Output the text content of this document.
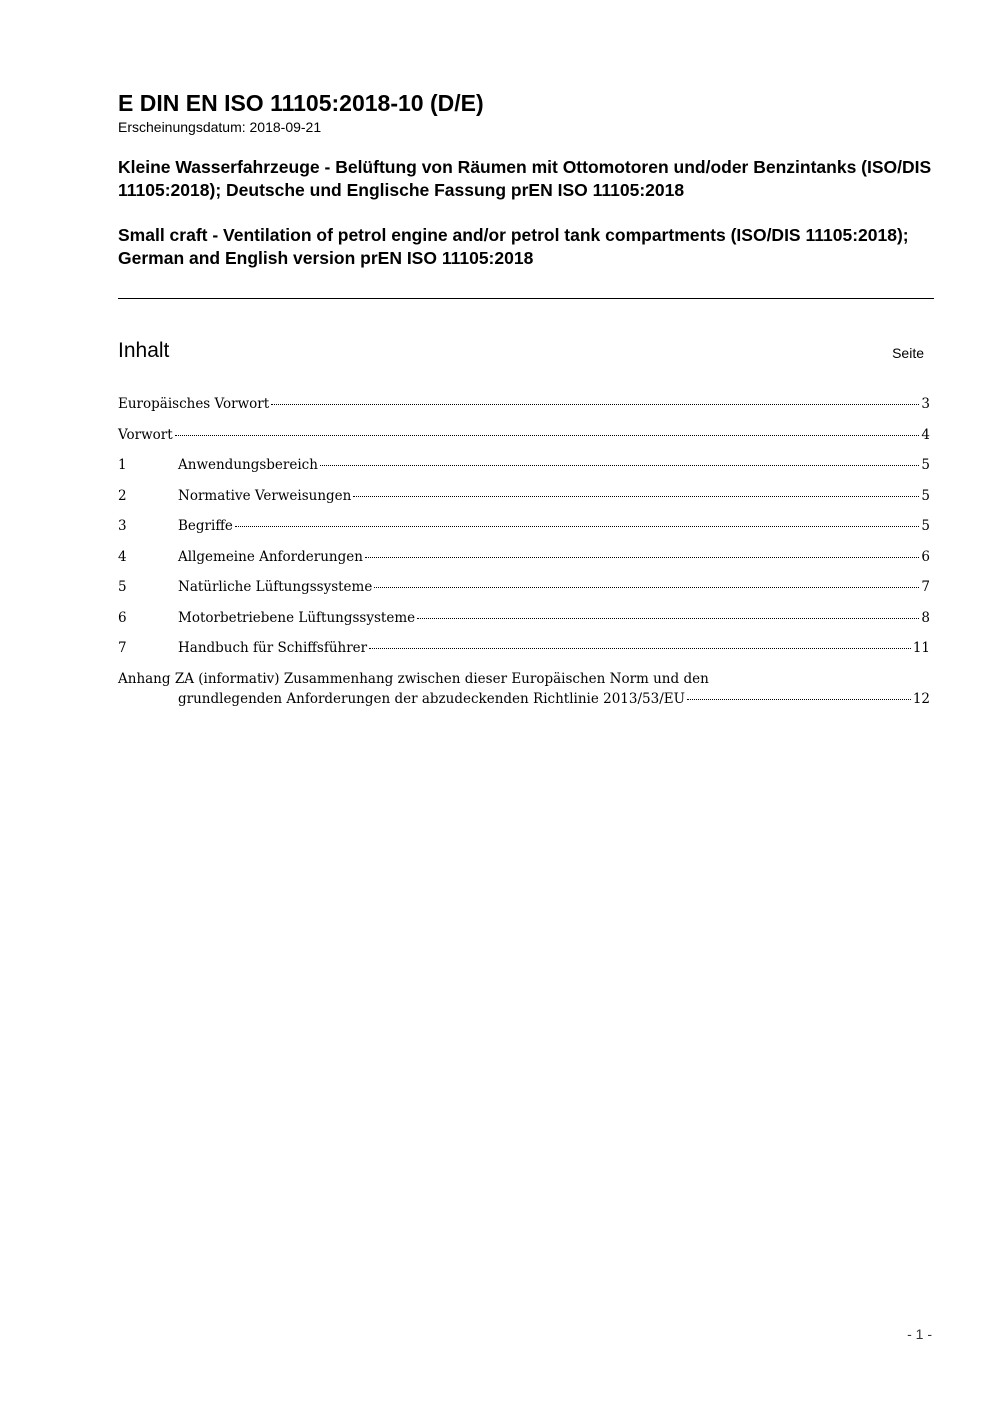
E DIN EN ISO 11105:2018-10 (D/E)

Erscheinungsdatum: 2018-09-21

Kleine Wasserfahrzeuge - Belüftung von Räumen mit Ottomotoren und/oder Benzintanks (ISO/DIS 11105:2018); Deutsche und Englische Fassung prEN ISO 11105:2018

Small craft - Ventilation of petrol engine and/or petrol tank compartments (ISO/DIS 11105:2018); German and English version prEN ISO 11105:2018

Inhalt	Seite
Europäisches Vorwort	3
Vorwort	4
1	Anwendungsbereich	5
2	Normative Verweisungen	5
3	Begriffe	5
4	Allgemeine Anforderungen	6
5	Natürliche Lüftungssysteme	7
6	Motorbetriebene Lüftungssysteme	8
7	Handbuch für Schiffsführer	11
Anhang ZA (informativ) Zusammenhang zwischen dieser Europäischen Norm und den
grundlegenden Anforderungen der abzudeckenden Richtlinie 2013/53/EU	12
- 1 -
